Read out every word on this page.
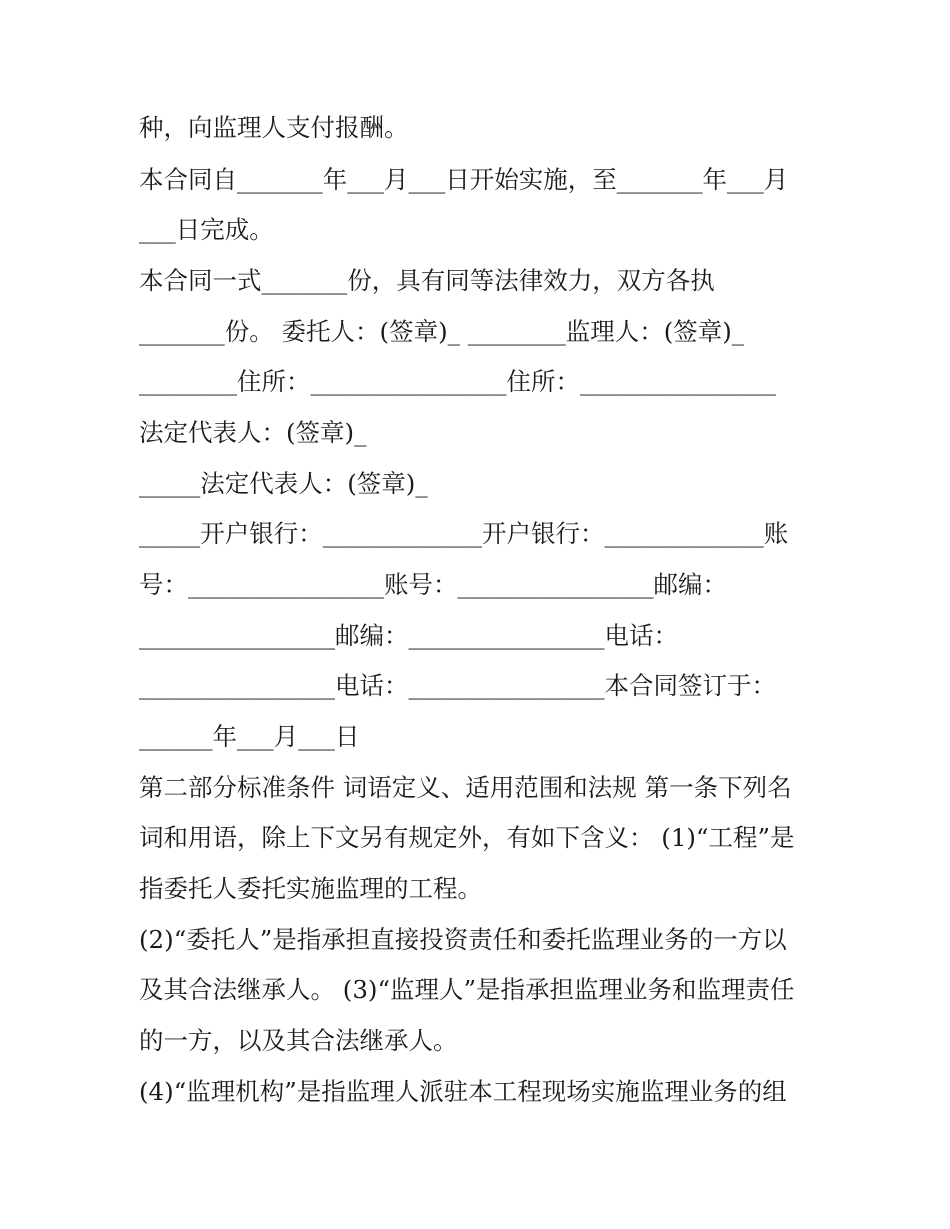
种，向监理人支付报酬。
本合同自_______年___月___日开始实施，至_______年___月
___日完成。
本合同一式_______份，具有同等法律效力，双方各执
_______份。 委托人：(签章)_ ________监理人：(签章)_
________住所：________________住所：________________
法定代表人：(签章)_
_____法定代表人：(签章)_
_____开户银行：_____________开户银行：_____________账
号：________________账号：________________邮编：
________________邮编：________________电话：
________________电话：________________本合同签订于：
______年___月___日
第二部分标准条件 词语定义、适用范围和法规 第一条下列名
词和用语，除上下文另有规定外，有如下含义： (1)“工程”是
指委托人委托实施监理的工程。
(2)“委托人”是指承担直接投资责任和委托监理业务的一方以
及其合法继承人。 (3)“监理人”是指承担监理业务和监理责任
的一方，以及其合法继承人。
(4)“监理机构”是指监理人派驻本工程现场实施监理业务的组
